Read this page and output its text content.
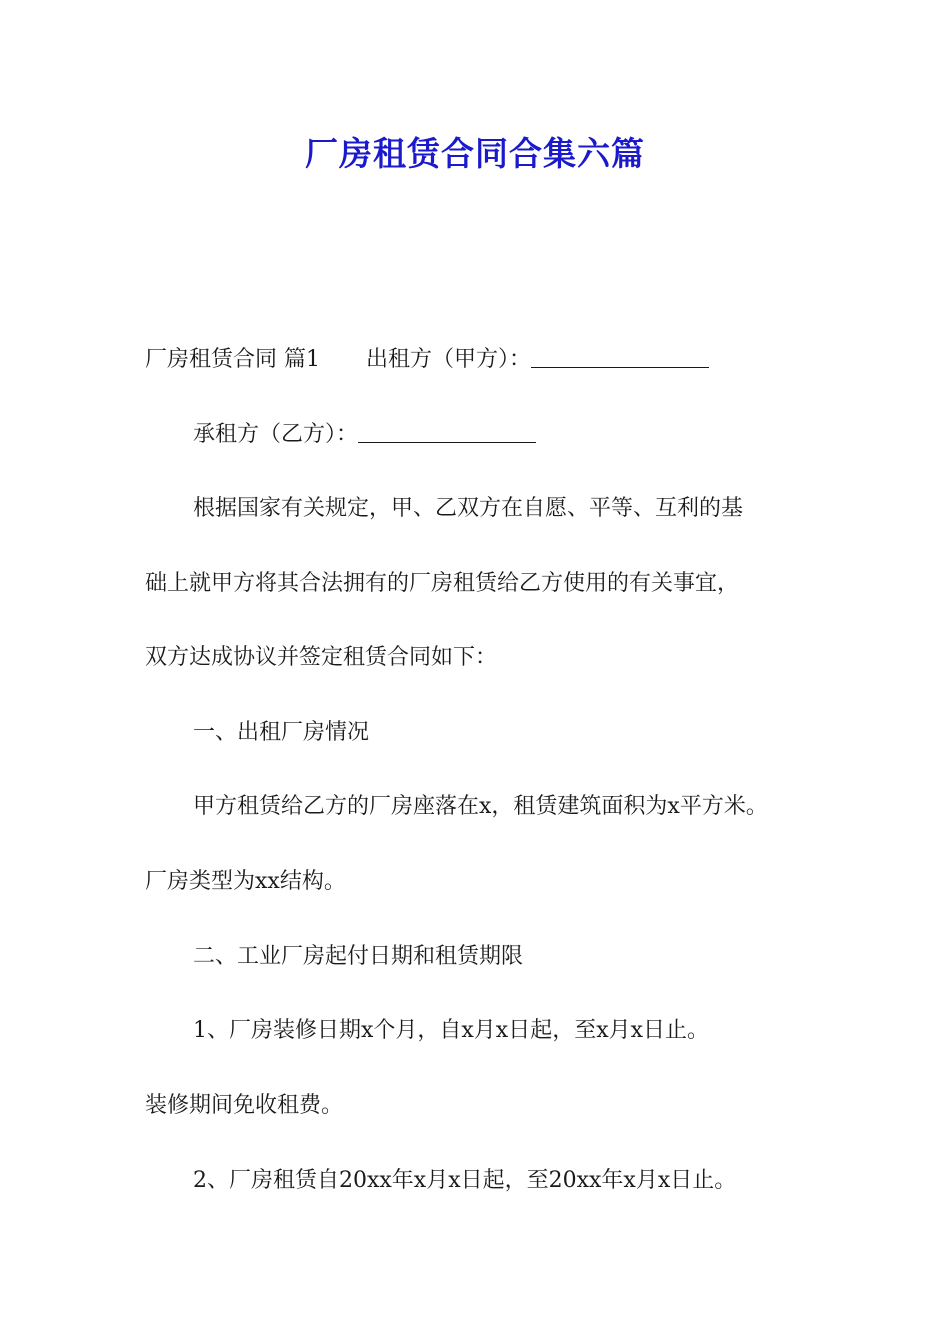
厂房租赁合同合集六篇

厂房租赁合同 篇1 出租方（甲方）：

承租方（乙方）：

根据国家有关规定，甲、乙双方在自愿、平等、互利的基

础上就甲方将其合法拥有的厂房租赁给乙方使用的有关事宜，

双方达成协议并签定租赁合同如下：

一、出租厂房情况

甲方租赁给乙方的厂房座落在x，租赁建筑面积为x平方米。

厂房类型为xx结构。

二、工业厂房起付日期和租赁期限

1、厂房装修日期x个月，自x月x日起，至x月x日止。

装修期间免收租费。

2、厂房租赁自20xx年x月x日起，至20xx年x月x日止。
